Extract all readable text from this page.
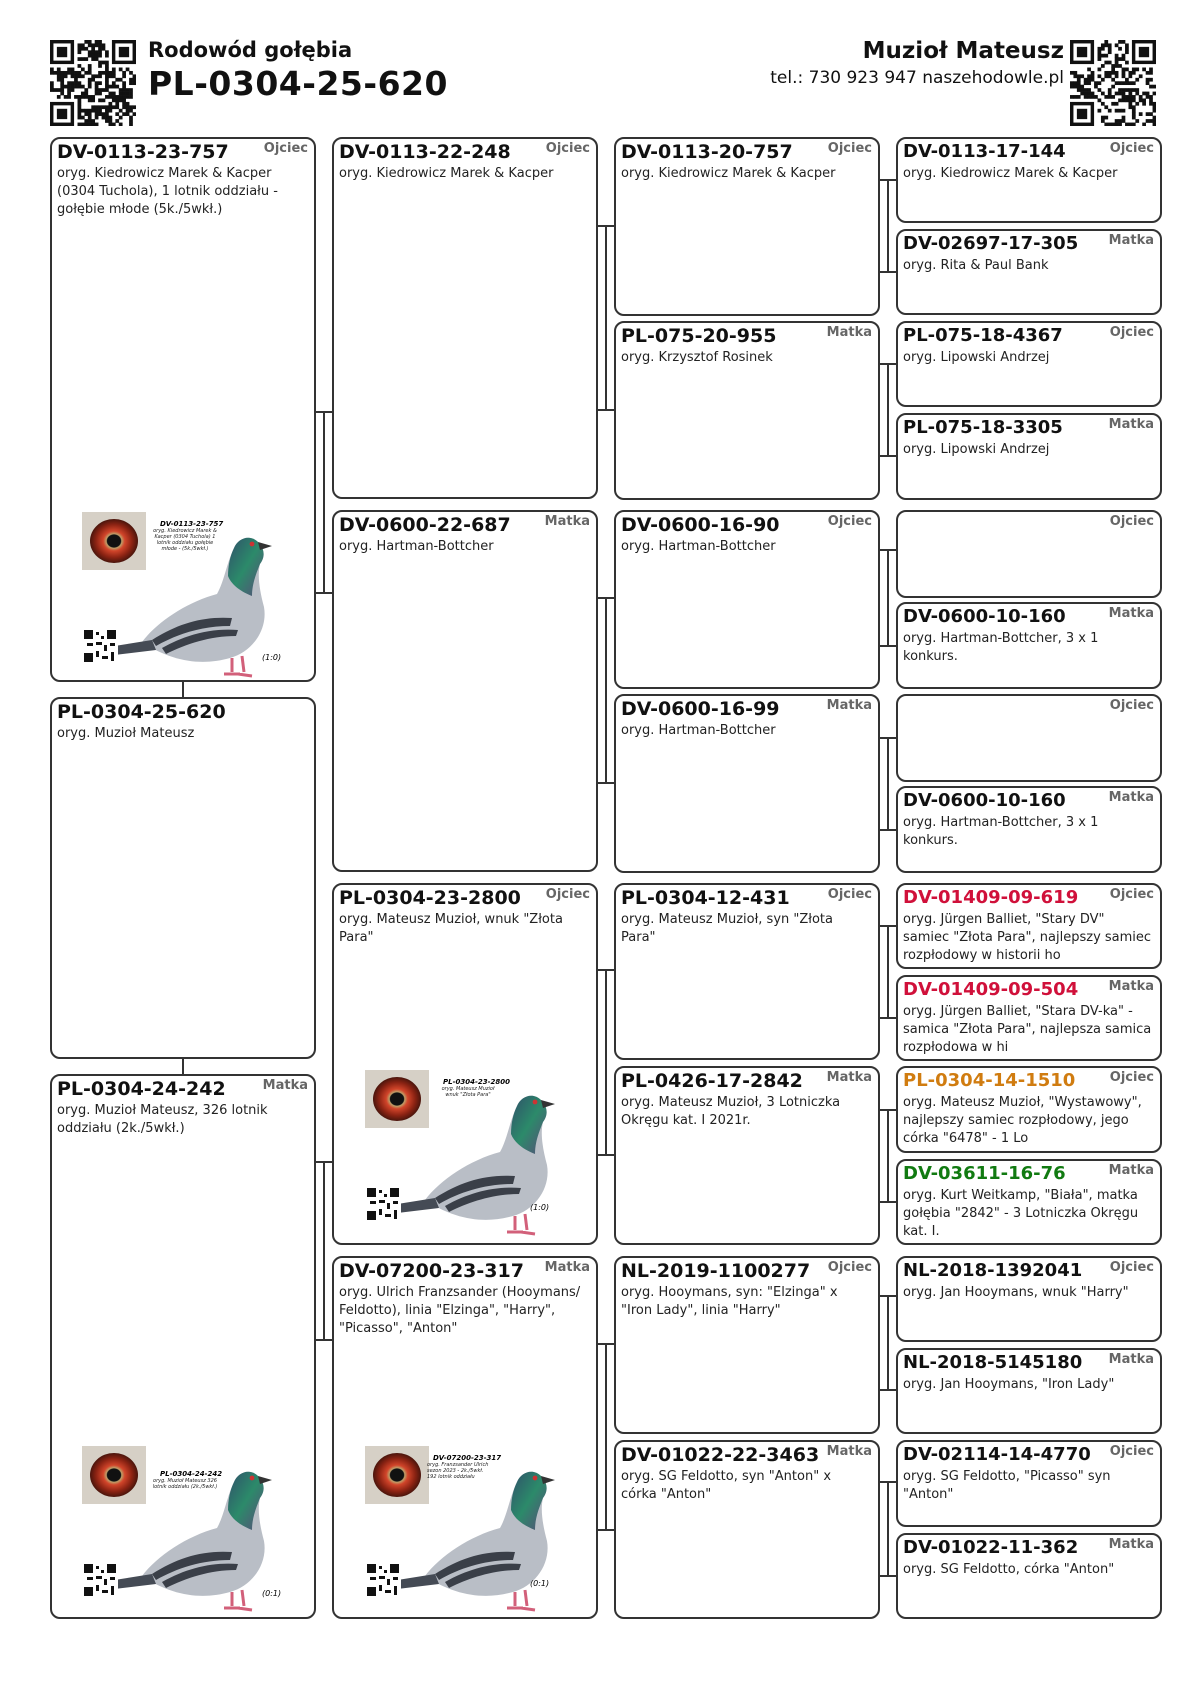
Rodowód gołębia
PL-0304-25-620
Muzioł Mateusz
tel.: 730 923 947 naszehodowle.pl
DV-0113-23-757	Ojciec
oryg. Kiedrowicz Marek & Kacper (0304 Tuchola), 1 lotnik oddziału - gołębie młode (5k./5wkł.)
PL-0304-25-620
oryg. Muzioł Mateusz
PL-0304-24-242	Matka
oryg. Muzioł Mateusz, 326 lotnik oddziału (2k./5wkł.)
DV-0113-22-248	Ojciec
oryg. Kiedrowicz Marek & Kacper
DV-0600-22-687	Matka
oryg. Hartman-Bottcher
PL-0304-23-2800 Ojciec
oryg. Mateusz Muzioł, wnuk "Złota Para"
DV-07200-23-317 Matka
oryg. Ulrich Franzsander (Hooymans/ Feldotto), linia "Elzinga", "Harry", "Picasso", "Anton"
DV-0113-20-757	Ojciec
oryg. Kiedrowicz Marek & Kacper
PL-075-20-955	Matka
oryg. Krzysztof Rosinek
DV-0600-16-90	Ojciec
oryg. Hartman-Bottcher
DV-0600-16-99	Matka
oryg. Hartman-Bottcher
PL-0304-12-431	Ojciec
oryg. Mateusz Muzioł, syn "Złota Para"
PL-0426-17-2842 Matka
oryg. Mateusz Muzioł, 3 Lotniczka Okręgu kat. I 2021r.
NL-2019-1100277 Ojciec
oryg. Hooymans, syn: "Elzinga" x "Iron Lady", linia "Harry"
DV-01022-22-3463 Matka
oryg. SG Feldotto, syn "Anton" x córka "Anton"
DV-0113-17-144	Ojciec
oryg. Kiedrowicz Marek & Kacper
DV-02697-17-305 Matka
oryg. Rita & Paul Bank
PL-075-18-4367	Ojciec
oryg. Lipowski Andrzej
PL-075-18-3305	Matka
oryg. Lipowski Andrzej
Ojciec
DV-0600-10-160	Matka
oryg. Hartman-Bottcher, 3 x 1 konkurs.
Ojciec
DV-0600-10-160	Matka
oryg. Hartman-Bottcher, 3 x 1 konkurs.
DV-01409-09-619 Ojciec
oryg. Jürgen Balliet, "Stary DV" samiec "Złota Para", najlepszy samiec rozpłodowy w historii ho
DV-01409-09-504 Matka
oryg. Jürgen Balliet, "Stara DV-ka" - samica "Złota Para", najlepsza samica rozpłodowa w hi
PL-0304-14-1510	Ojciec
oryg. Mateusz Muzioł, "Wystawowy", najlepszy samiec rozpłodowy, jego córka "6478" - 1 Lo
DV-03611-16-76	Matka
oryg. Kurt Weitkamp, "Biała", matka gołębia "2842" - 3 Lotniczka Okręgu kat. I.
NL-2018-1392041 Ojciec
oryg. Jan Hooymans, wnuk "Harry"
NL-2018-5145180 Matka
oryg. Jan Hooymans, "Iron Lady"
DV-02114-14-4770 Ojciec
oryg. SG Feldotto, "Picasso" syn "Anton"
DV-01022-11-362 Matka
oryg. SG Feldotto, córka "Anton"
DV-0113-23-757
oryg. Kiedrowicz Marek & Kacper (0304 Tuchola) 1 lotnik oddziału gołębie młode - (5k./5wkł.)
(1:0)
PL-0304-23-2800
oryg. Mateusz Muzioł wnuk "Złota Para"
(1:0)
PL-0304-24-242
oryg. Muzioł Mateusz 326 lotnik oddziału (2k./5wkł.)
(0:1)
DV-07200-23-317
oryg. Franzsander Ulrich sezon 2023 - 2k./5wkł. 192 lotnik oddziału
(0:1)
